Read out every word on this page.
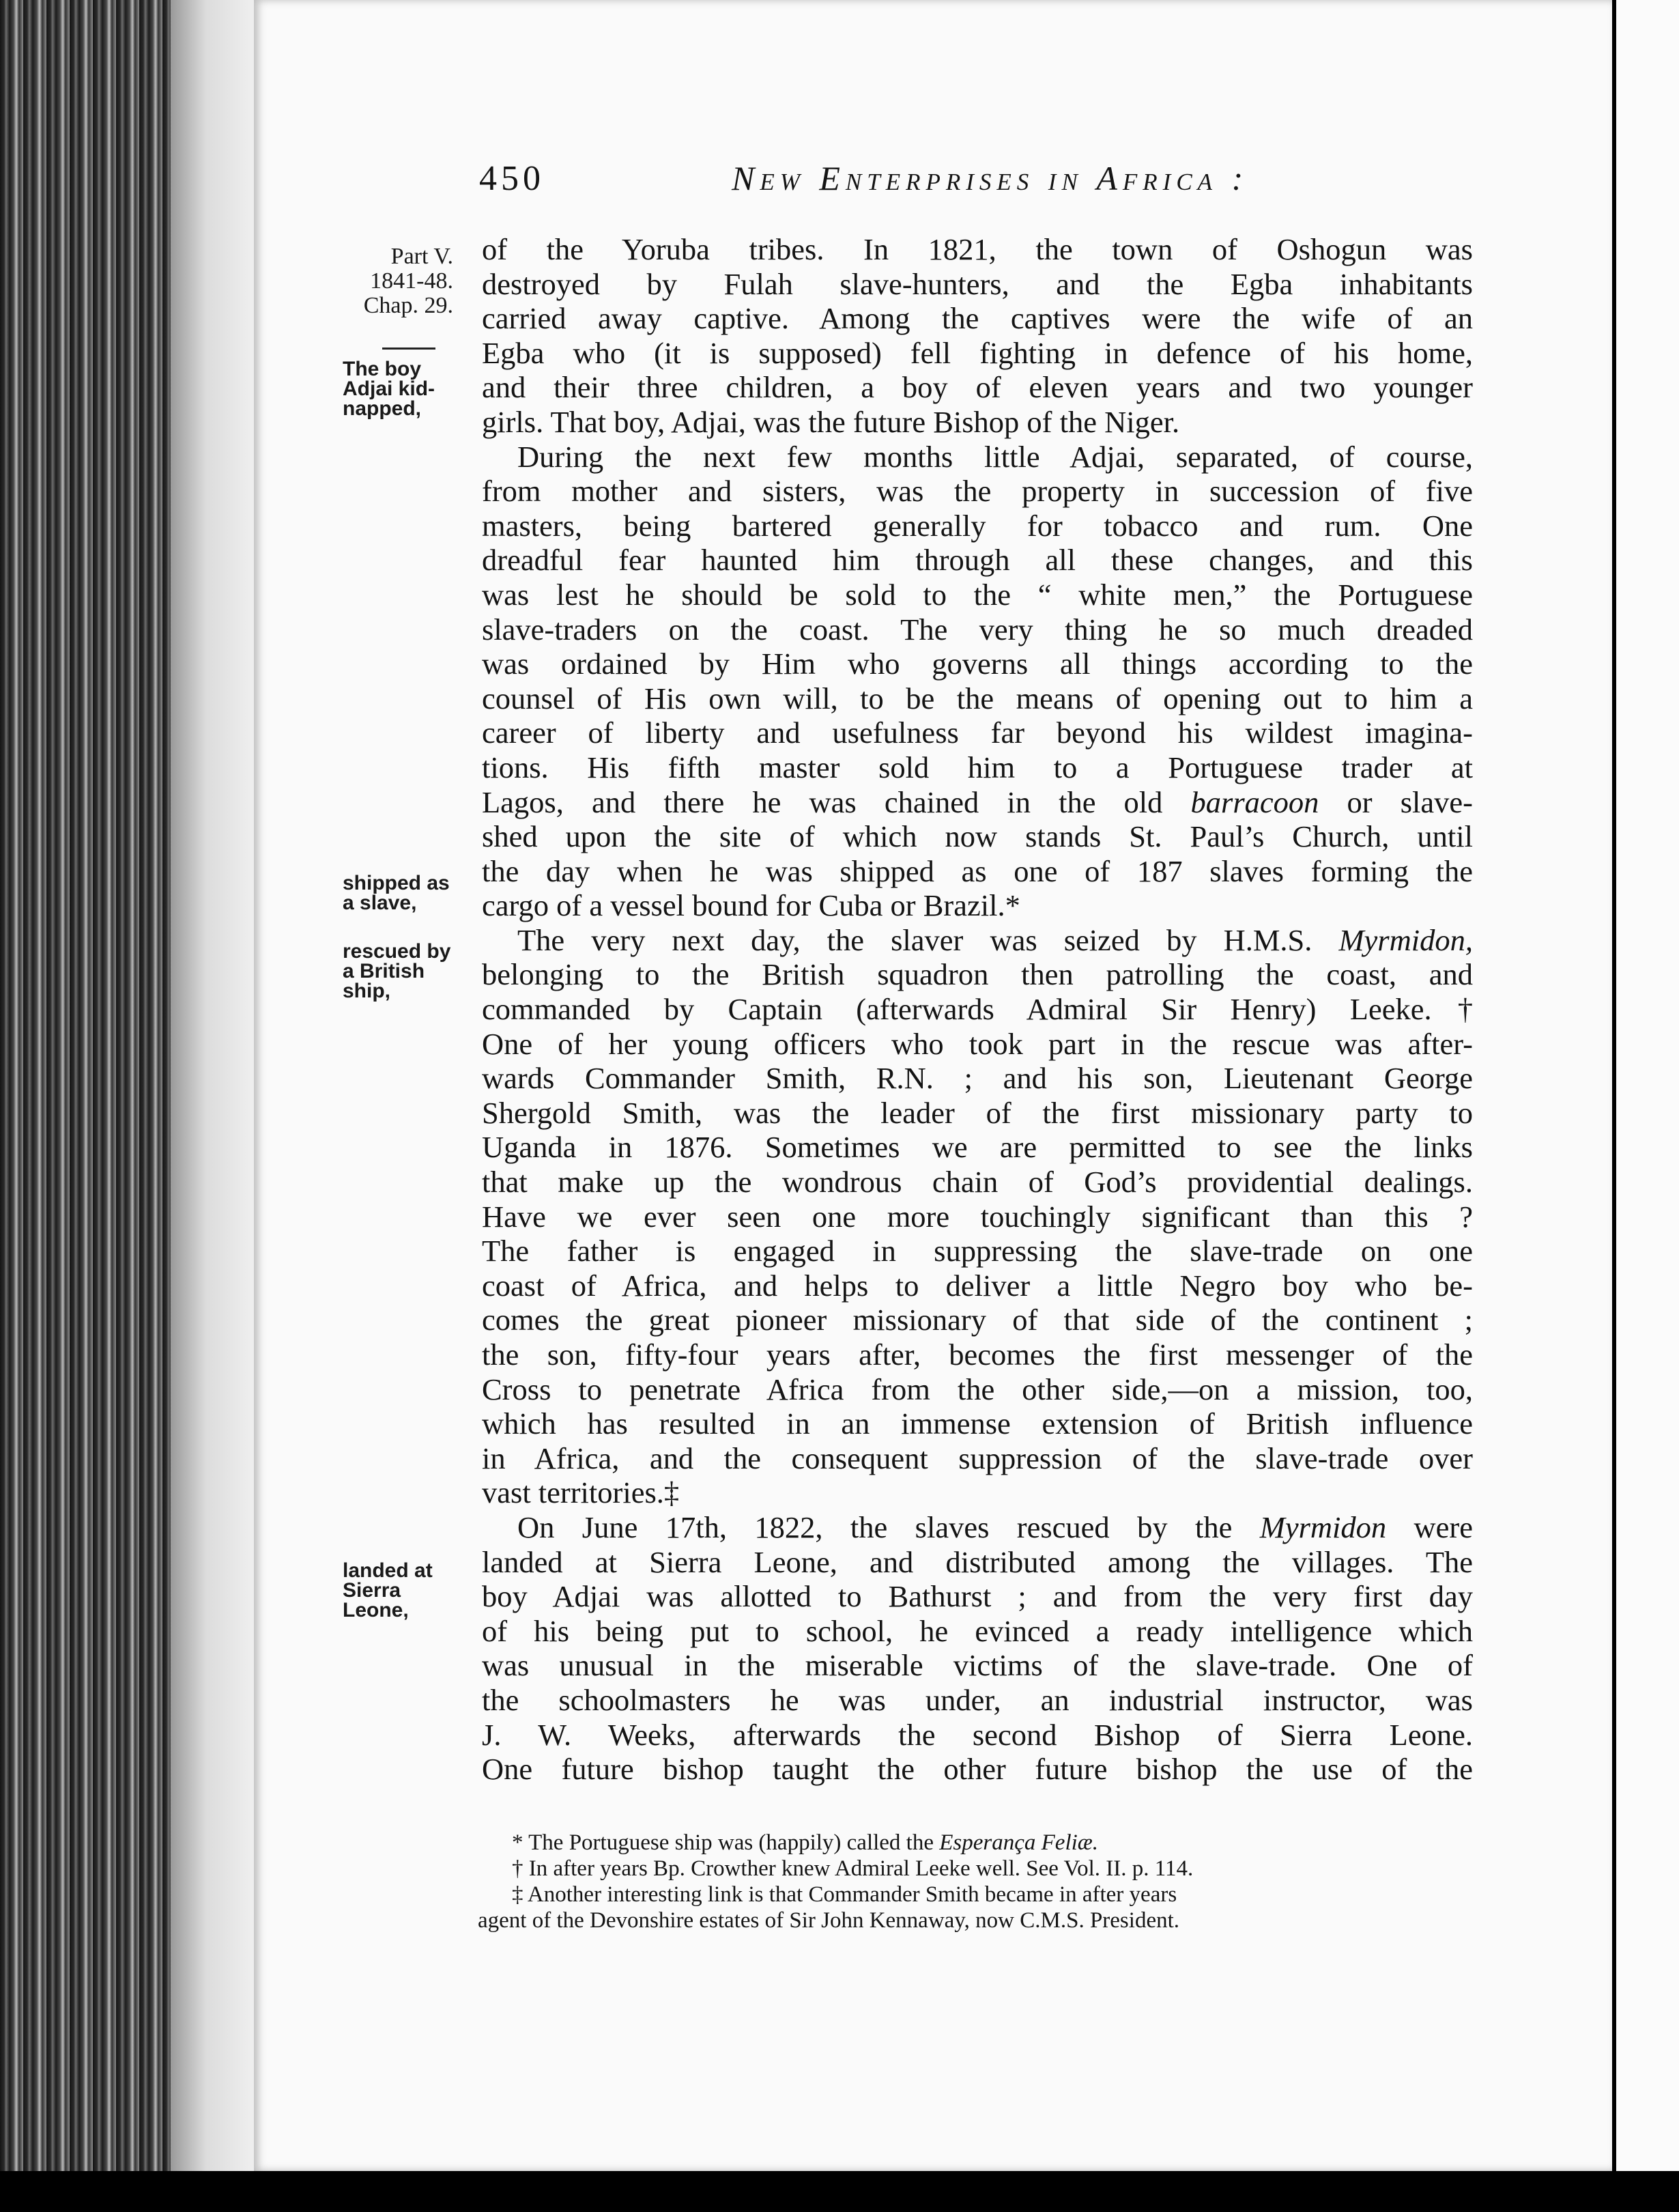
450	New Enterprises in Africa :
Part V.
1841-48.
Chap. 29.
The boy
Adjai kid-
napped,
shipped as
a slave,
rescued by
a British
ship,
landed at
Sierra
Leone,
of the Yoruba tribes. In 1821, the town of Oshogun was
destroyed by Fulah slave-hunters, and the Egba inhabitants
carried away captive. Among the captives were the wife of an
Egba who (it is supposed) fell fighting in defence of his home,
and their three children, a boy of eleven years and two younger
girls. That boy, Adjai, was the future Bishop of the Niger.
During the next few months little Adjai, separated, of course,
from mother and sisters, was the property in succession of five
masters, being bartered generally for tobacco and rum. One
dreadful fear haunted him through all these changes, and this
was lest he should be sold to the “ white men,” the Portuguese
slave-traders on the coast. The very thing he so much dreaded
was ordained by Him who governs all things according to the
counsel of His own will, to be the means of opening out to him a
career of liberty and usefulness far beyond his wildest imagina-
tions. His fifth master sold him to a Portuguese trader at
Lagos, and there he was chained in the old barracoon or slave-
shed upon the site of which now stands St. Paul’s Church, until
the day when he was shipped as one of 187 slaves forming the
cargo of a vessel bound for Cuba or Brazil.*
The very next day, the slaver was seized by H.M.S. Myrmidon,
belonging to the British squadron then patrolling the coast, and
commanded by Captain (afterwards Admiral Sir Henry) Leeke.†
One of her young officers who took part in the rescue was after-
wards Commander Smith, R.N. ; and his son, Lieutenant George
Shergold Smith, was the leader of the first missionary party to
Uganda in 1876. Sometimes we are permitted to see the links
that make up the wondrous chain of God’s providential dealings.
Have we ever seen one more touchingly significant than this ?
The father is engaged in suppressing the slave-trade on one
coast of Africa, and helps to deliver a little Negro boy who be-
comes the great pioneer missionary of that side of the continent ;
the son, fifty-four years after, becomes the first messenger of the
Cross to penetrate Africa from the other side,—on a mission, too,
which has resulted in an immense extension of British influence
in Africa, and the consequent suppression of the slave-trade over
vast territories.‡
On June 17th, 1822, the slaves rescued by the Myrmidon were
landed at Sierra Leone, and distributed among the villages. The
boy Adjai was allotted to Bathurst ; and from the very first day
of his being put to school, he evinced a ready intelligence which
was unusual in the miserable victims of the slave-trade. One of
the schoolmasters he was under, an industrial instructor, was
J. W. Weeks, afterwards the second Bishop of Sierra Leone.
One future bishop taught the other future bishop the use of the
* The Portuguese ship was (happily) called the Esperança Feliæ.
† In after years Bp. Crowther knew Admiral Leeke well. See Vol. II. p. 114.
‡ Another interesting link is that Commander Smith became in after years
agent of the Devonshire estates of Sir John Kennaway, now C.M.S. President.
